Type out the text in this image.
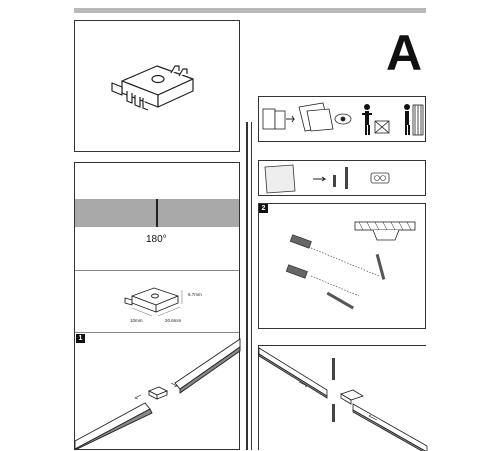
A
180°
6.7mm
10mm	20.6mm
1
2
